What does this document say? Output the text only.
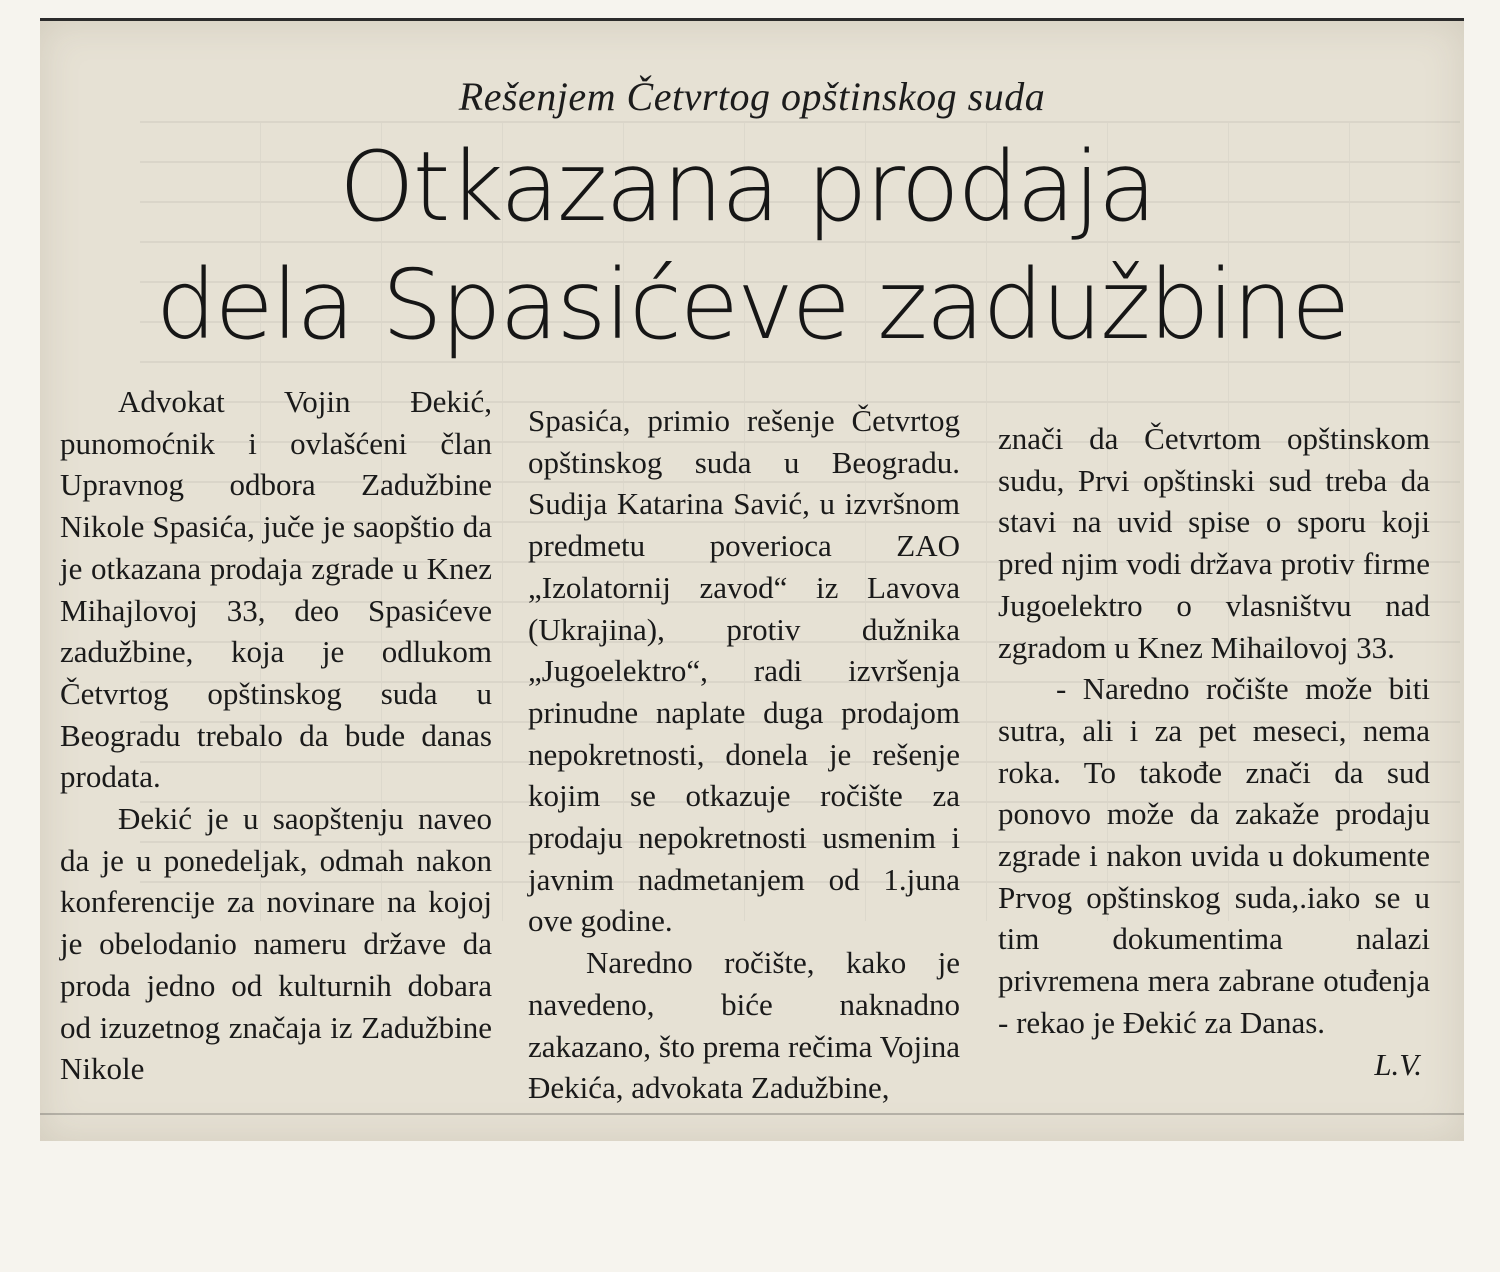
Rešenjem Četvrtog opštinskog suda
Otkazana prodaja
dela Spasićeve zadužbine

Advokat Vojin Đekić, punomoćnik i ovlašćeni član Upravnog odbora Zadužbine Nikole Spasića, juče je saopštio da je otkazana prodaja zgrade u Knez Mihajlovoj 33, deo Spasićeve zadužbine, koja je odlukom Četvrtog opštinskog suda u Beogradu trebalo da bude danas prodata.

Đekić je u saopštenju naveo da je u ponedeljak, odmah nakon konferencije za novinare na kojoj je obelodanio nameru države da proda jedno od kulturnih dobara od izuzetnog značaja iz Zadužbine Nikole

Spasića, primio rešenje Četvrtog opštinskog suda u Beogradu. Sudija Katarina Savić, u izvršnom predmetu poverioca ZAO „Izolatornij zavod“ iz Lavova (Ukrajina), protiv dužnika „Jugoelektro“, radi izvršenja prinudne naplate duga prodajom nepokretnosti, donela je rešenje kojim se otkazuje ročište za prodaju nepokretnosti usmenim i javnim nadmetanjem od 1.juna ove godine.

Naredno ročište, kako je navedeno, biće naknadno zakazano, što prema rečima Vojina Đekića, advokata Zadužbine,

znači da Četvrtom opštinskom sudu, Prvi opštinski sud treba da stavi na uvid spise o sporu koji pred njim vodi država protiv firme Jugoelektro o vlasništvu nad zgradom u Knez Mihailovoj 33.

- Naredno ročište može biti sutra, ali i za pet meseci, nema roka. To takođe znači da sud ponovo može da zakaže prodaju zgrade i nakon uvida u dokumente Prvog opštinskog suda,.iako se u tim dokumentima nalazi privremena mera zabrane otuđenja - rekao je Đekić za Danas.
L.V.
